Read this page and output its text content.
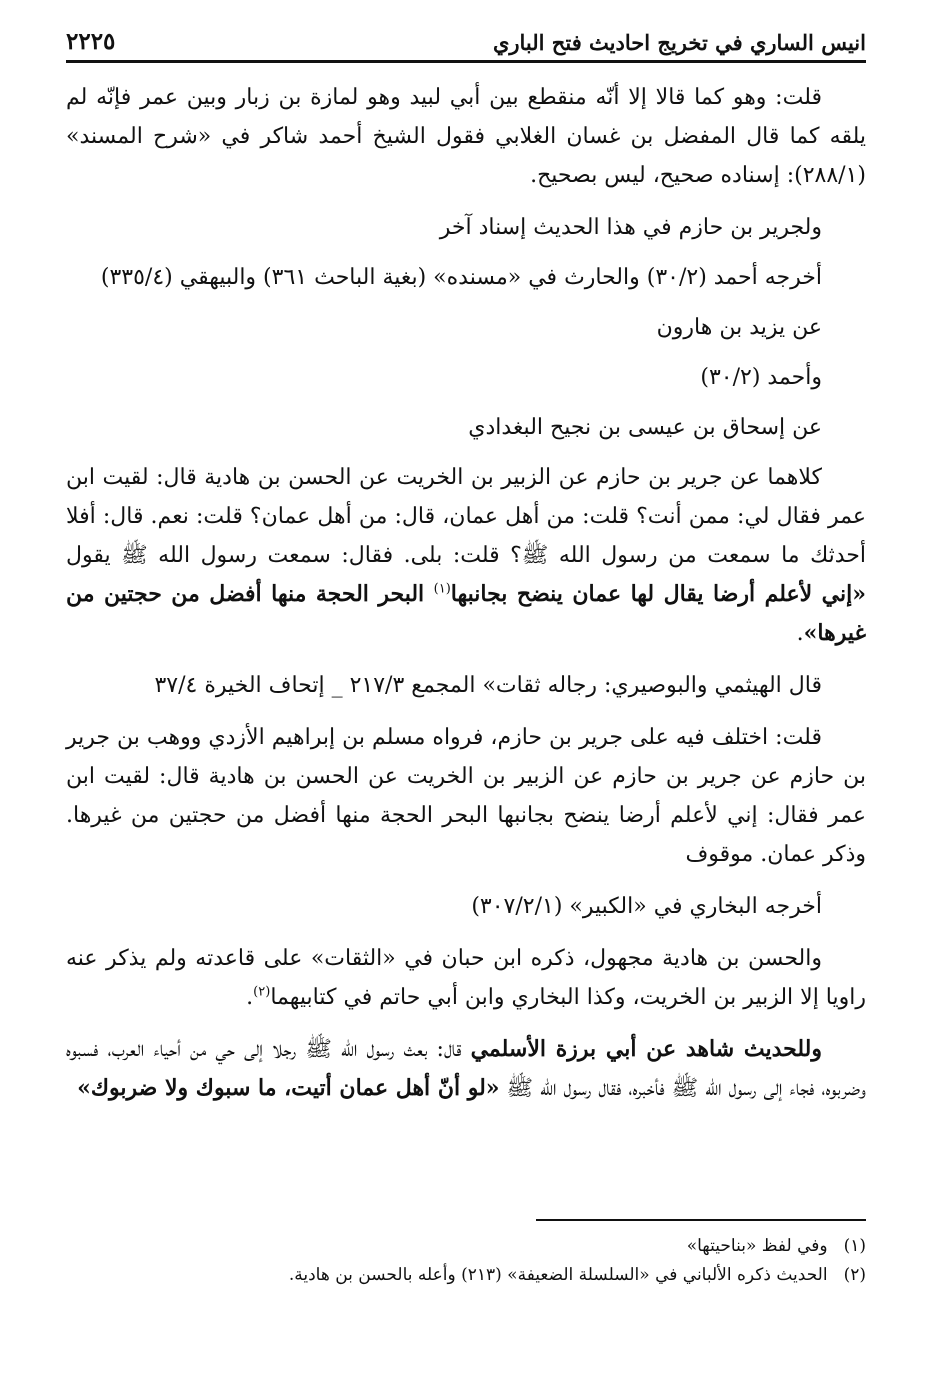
انيس الساري في تخريج احاديث فتح الباري
٢٢٢٥

قلت: وهو كما قالا إلا أنّه منقطع بين أبي لبيد وهو لمازة بن زبار وبين عمر فإنّه لم يلقه كما قال المفضل بن غسان الغلابي فقول الشيخ أحمد شاكر في «شرح المسند» (٢٨٨/١): إسناده صحيح، ليس بصحيح.

ولجرير بن حازم في هذا الحديث إسناد آخر

أخرجه أحمد (٣٠/٢) والحارث في «مسنده» (بغية الباحث ٣٦١) والبيهقي (٣٣٥/٤)

عن يزيد بن هارون

وأحمد (٣٠/٢)

عن إسحاق بن عيسى بن نجيح البغدادي

كلاهما عن جرير بن حازم عن الزبير بن الخريت عن الحسن بن هادية قال: لقيت ابن عمر فقال لي: ممن أنت؟ قلت: من أهل عمان، قال: من أهل عمان؟ قلت: نعم. قال: أفلا أحدثك ما سمعت من رسول الله ﷺ؟ قلت: بلى. فقال: سمعت رسول الله ﷺ يقول «إني لأعلم أرضا يقال لها عمان ينضح بجانبها$^{(١)}$ البحر الحجة منها أفضل من حجتين من غيرها».

قال الهيثمي والبوصيري: رجاله ثقات» المجمع ٢١٧/٣ _ إتحاف الخيرة ٣٧/٤

قلت: اختلف فيه على جرير بن حازم، فرواه مسلم بن إبراهيم الأزدي ووهب بن جرير بن حازم عن جرير بن حازم عن الزبير بن الخريت عن الحسن بن هادية قال: لقيت ابن عمر فقال: إني لأعلم أرضا ينضح بجانبها البحر الحجة منها أفضل من حجتين من غيرها. وذكر عمان. موقوف

أخرجه البخاري في «الكبير» (٣٠٧/٢/١)

والحسن بن هادية مجهول، ذكره ابن حبان في «الثقات» على قاعدته ولم يذكر عنه راويا إلا الزبير بن الخريت، وكذا البخاري وابن أبي حاتم في كتابيهما$^{(٢)}$.

وللحديث شاهد عن أبي برزة الأسلمي قال: بعث رسول الله ﷺ رجلا إلى حي من أحياء العرب، فسبوه وضربوه، فجاء إلى رسول الله ﷺ فأخبره، فقال رسول الله ﷺ «لو أنّ أهل عمان أتيت، ما سبوك ولا ضربوك»

(١)
وفي لفظ «بناحيتها»
(٢)
الحديث ذكره الألباني في «السلسلة الضعيفة» (٢١٣) وأعله بالحسن بن هادية.
